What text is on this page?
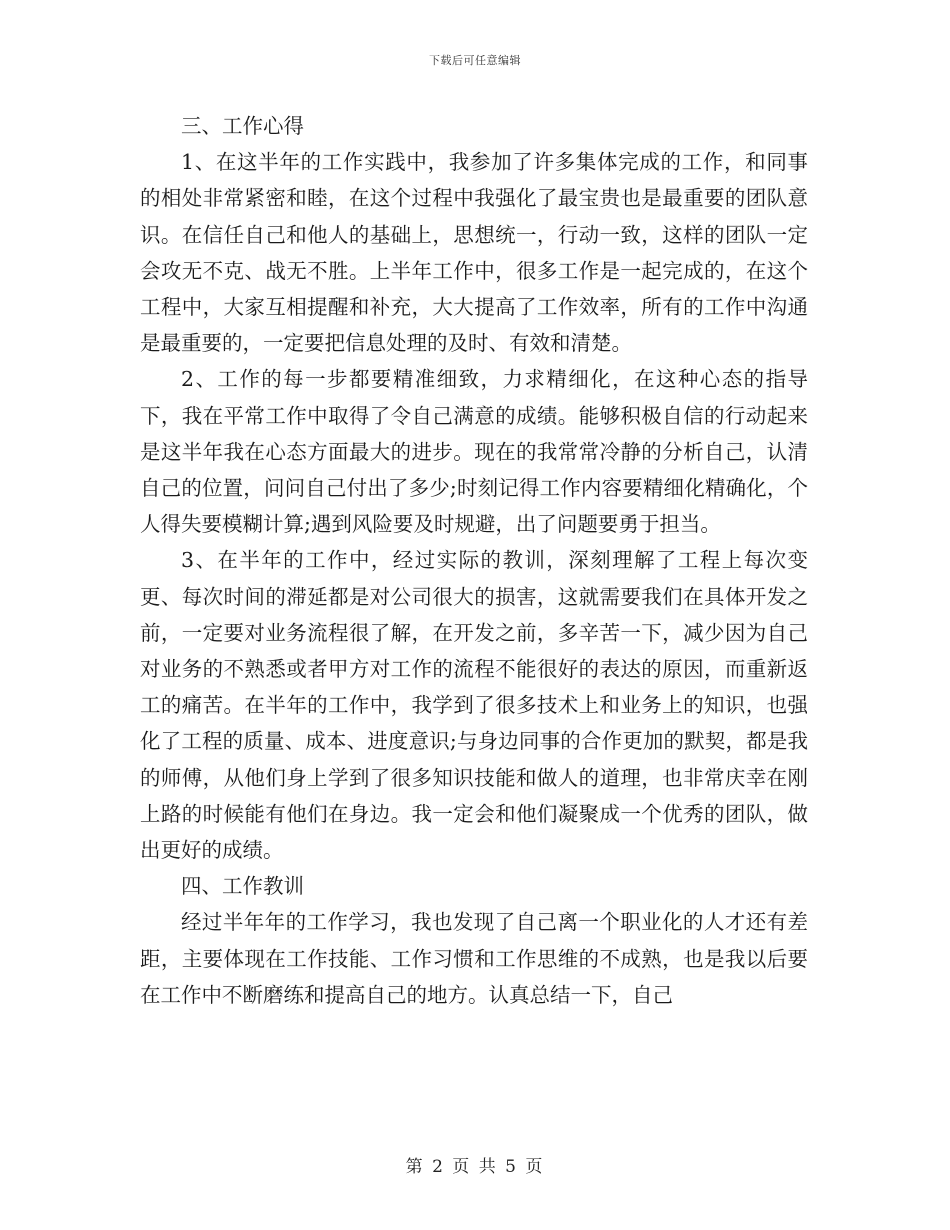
下载后可任意编辑

三、工作心得

1、在这半年的工作实践中，我参加了许多集体完成的工作，和同事的相处非常紧密和睦，在这个过程中我强化了最宝贵也是最重要的团队意识。在信任自己和他人的基础上，思想统一，行动一致，这样的团队一定会攻无不克、战无不胜。上半年工作中，很多工作是一起完成的，在这个工程中，大家互相提醒和补充，大大提高了工作效率，所有的工作中沟通是最重要的，一定要把信息处理的及时、有效和清楚。

2、工作的每一步都要精准细致，力求精细化，在这种心态的指导下，我在平常工作中取得了令自己满意的成绩。能够积极自信的行动起来是这半年我在心态方面最大的进步。现在的我常常冷静的分析自己，认清自己的位置，问问自己付出了多少;时刻记得工作内容要精细化精确化，个人得失要模糊计算;遇到风险要及时规避，出了问题要勇于担当。

3、在半年的工作中，经过实际的教训，深刻理解了工程上每次变更、每次时间的滞延都是对公司很大的损害，这就需要我们在具体开发之前，一定要对业务流程很了解，在开发之前，多辛苦一下，减少因为自己对业务的不熟悉或者甲方对工作的流程不能很好的表达的原因，而重新返工的痛苦。在半年的工作中，我学到了很多技术上和业务上的知识，也强化了工程的质量、成本、进度意识;与身边同事的合作更加的默契，都是我的师傅，从他们身上学到了很多知识技能和做人的道理，也非常庆幸在刚上路的时候能有他们在身边。我一定会和他们凝聚成一个优秀的团队，做出更好的成绩。

四、工作教训

经过半年年的工作学习，我也发现了自己离一个职业化的人才还有差距，主要体现在工作技能、工作习惯和工作思维的不成熟，也是我以后要在工作中不断磨练和提高自己的地方。认真总结一下，自己

第 2 页 共 5 页
